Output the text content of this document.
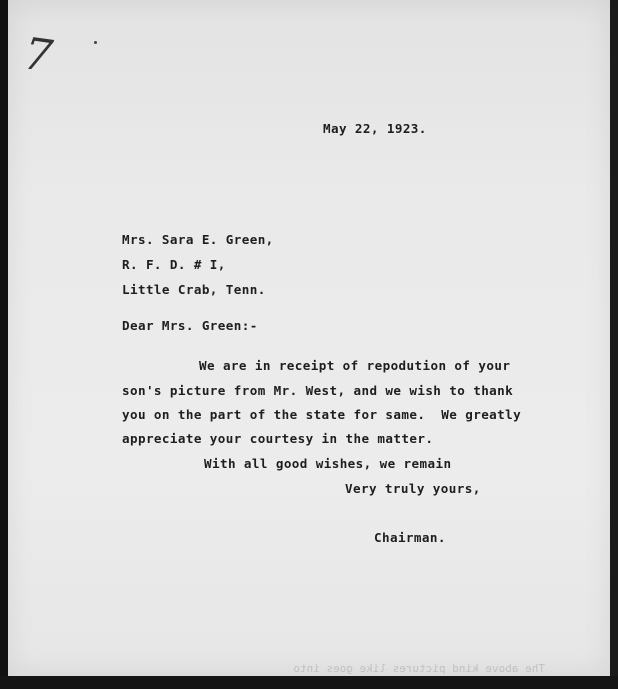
7
May 22, 1923.
Mrs. Sara E. Green,
R. F. D. # I,
Little Crab, Tenn.
Dear Mrs. Green:-
We are in receipt of repodution of your
son's picture from Mr. West, and we wish to thank
you on the part of the state for same.  We greatly
appreciate your courtesy in the matter.
With all good wishes, we remain
Very truly yours,
Chairman.
The above kind pictures like goes into
